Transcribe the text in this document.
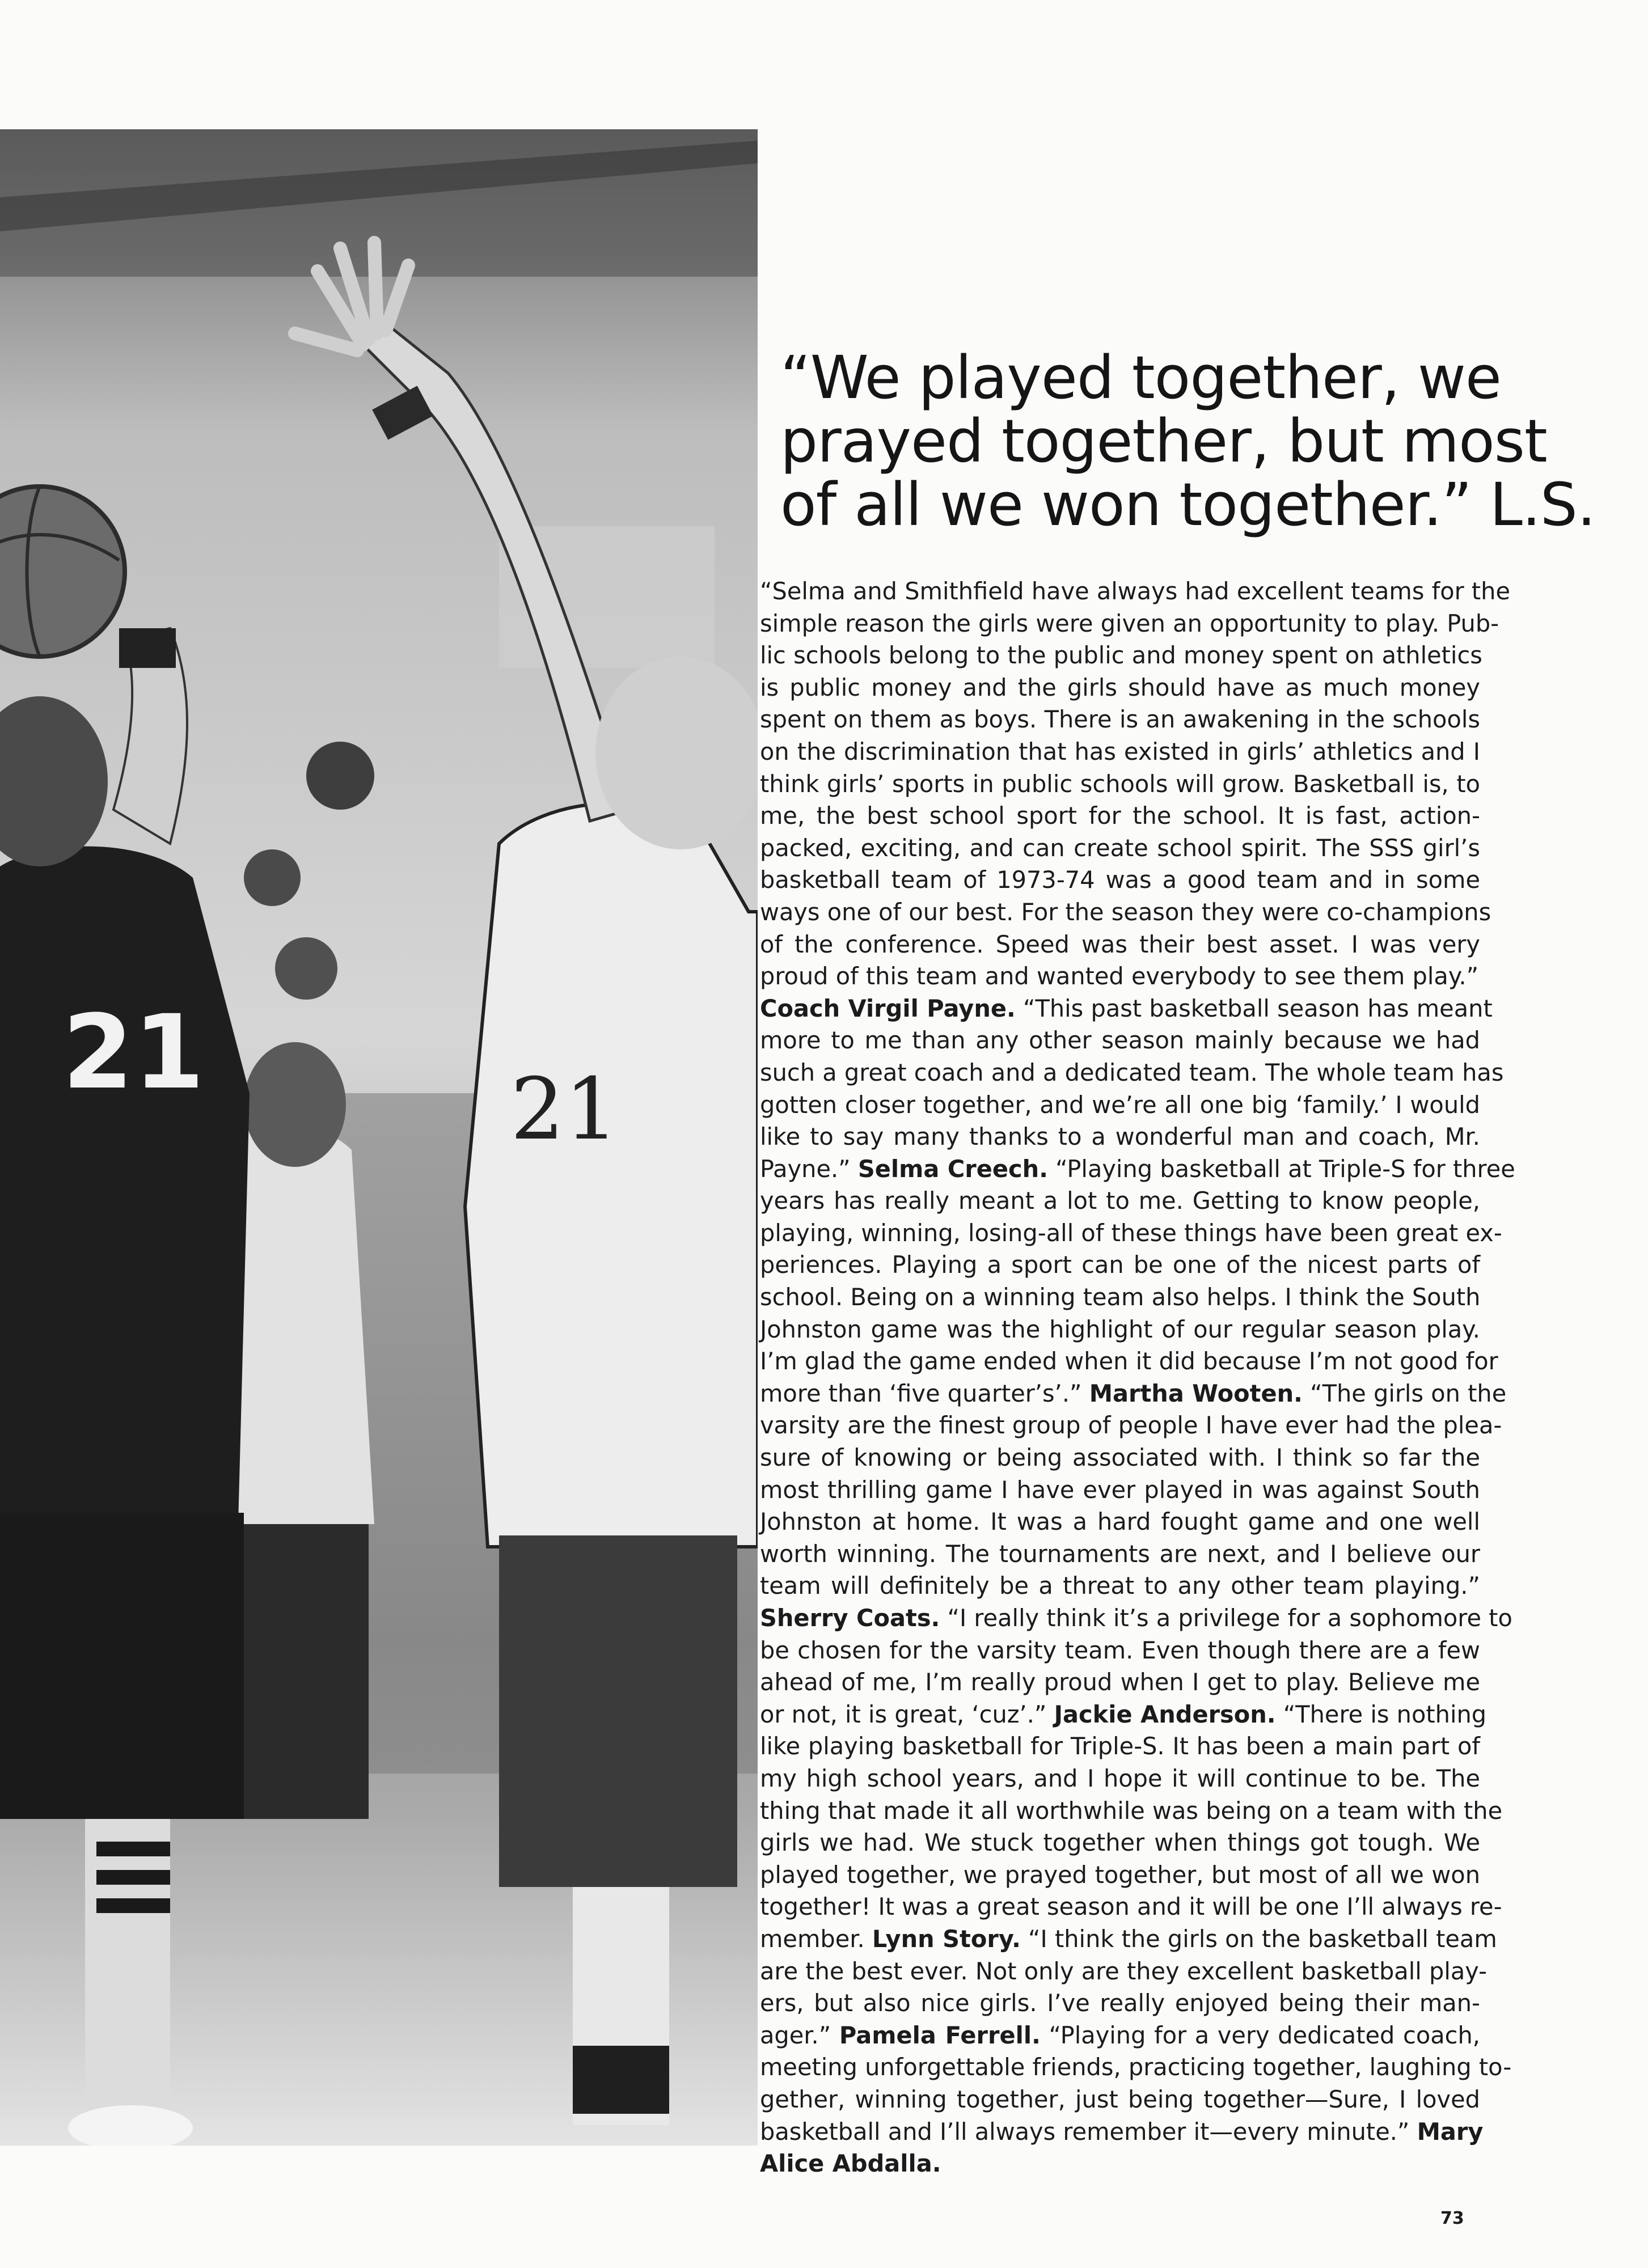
21
21
“We played together, we
prayed together, but most
of all we won together.” L.S.
“Selma and Smithfield have always had excellent teams for the
simple reason the girls were given an opportunity to play. Pub-
lic schools belong to the public and money spent on athletics
is public money and the girls should have as much money
spent on them as boys. There is an awakening in the schools
on the discrimination that has existed in girls’ athletics and I
think girls’ sports in public schools will grow. Basketball is, to
me, the best school sport for the school. It is fast, action-
packed, exciting, and can create school spirit. The SSS girl’s
basketball team of 1973-74 was a good team and in some
ways one of our best. For the season they were co-champions
of the conference. Speed was their best asset. I was very
proud of this team and wanted everybody to see them play.”
Coach Virgil Payne. “This past basketball season has meant
more to me than any other season mainly because we had
such a great coach and a dedicated team. The whole team has
gotten closer together, and we’re all one big ‘family.’ I would
like to say many thanks to a wonderful man and coach, Mr.
Payne.” Selma Creech. “Playing basketball at Triple-S for three
years has really meant a lot to me. Getting to know people,
playing, winning, losing-all of these things have been great ex-
periences. Playing a sport can be one of the nicest parts of
school. Being on a winning team also helps. I think the South
Johnston game was the highlight of our regular season play.
I’m glad the game ended when it did because I’m not good for
more than ‘five quarter’s’.” Martha Wooten. “The girls on the
varsity are the finest group of people I have ever had the plea-
sure of knowing or being associated with. I think so far the
most thrilling game I have ever played in was against South
Johnston at home. It was a hard fought game and one well
worth winning. The tournaments are next, and I believe our
team will definitely be a threat to any other team playing.”
Sherry Coats. “I really think it’s a privilege for a sophomore to
be chosen for the varsity team. Even though there are a few
ahead of me, I’m really proud when I get to play. Believe me
or not, it is great, ‘cuz’.” Jackie Anderson. “There is nothing
like playing basketball for Triple-S. It has been a main part of
my high school years, and I hope it will continue to be. The
thing that made it all worthwhile was being on a team with the
girls we had. We stuck together when things got tough. We
played together, we prayed together, but most of all we won
together! It was a great season and it will be one I’ll always re-
member. Lynn Story. “I think the girls on the basketball team
are the best ever. Not only are they excellent basketball play-
ers, but also nice girls. I’ve really enjoyed being their man-
ager.” Pamela Ferrell. “Playing for a very dedicated coach,
meeting unforgettable friends, practicing together, laughing to-
gether, winning together, just being together—Sure, I loved
basketball and I’ll always remember it—every minute.” Mary
Alice Abdalla.
73
